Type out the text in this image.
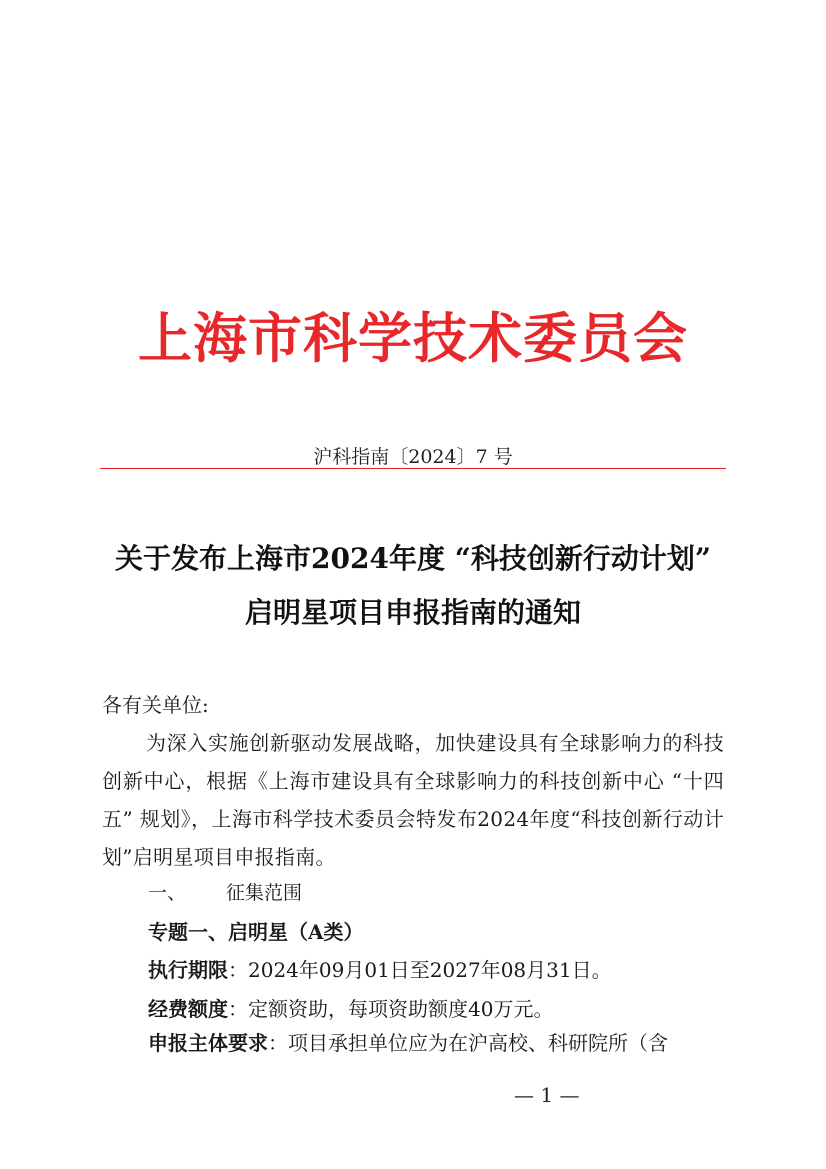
上海市科学技术委员会
沪科指南〔2024〕7 号
关于发布上海市2024年度 “科技创新行动计划”
启明星项目申报指南的通知
各有关单位:
为深入实施创新驱动发展战略，加快建设具有全球影响力的科技创新中心，根据《上海市建设具有全球影响力的科技创新中心 “十四五” 规划》，上海市科学技术委员会特发布2024年度“科技创新行动计划”启明星项目申报指南。
一、 征集范围
专题一、启明星（A类）
执行期限：2024年09月01日至2027年08月31日。
经费额度：定额资助，每项资助额度40万元。
申报主体要求：项目承担单位应为在沪高校、科研院所（含
— 1 —
